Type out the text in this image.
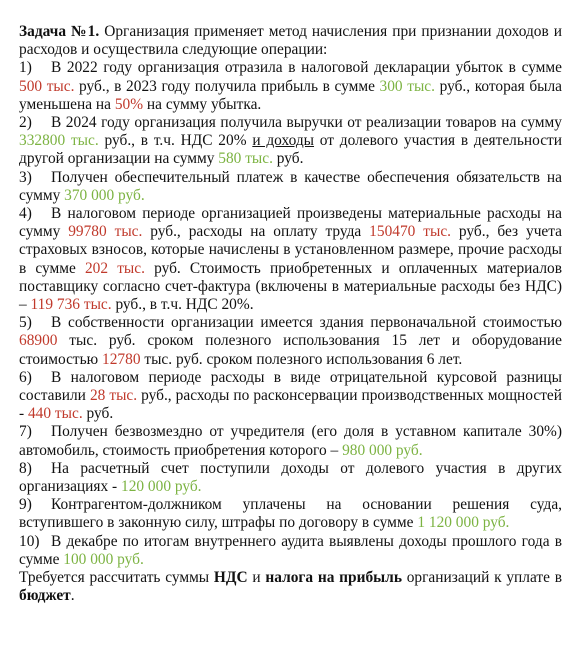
Задача №1. Организация применяет метод начисления при признании доходов и расходов и осуществила следующие операции:

1) В 2022 году организация отразила в налоговой декларации убыток в сумме 500 тыс. руб., в 2023 году получила прибыль в сумме 300 тыс. руб., которая была уменьшена на 50% на сумму убытка.

2) В 2024 году организация получила выручки от реализации товаров на сумму 332800 тыс. руб., в т.ч. НДС 20% и доходы от долевого участия в деятельности другой организации на сумму 580 тыс. руб.

3) Получен обеспечительный платеж в качестве обеспечения обязательств на сумму 370 000 руб.

4) В налоговом периоде организацией произведены материальные расходы на сумму 99780 тыс. руб., расходы на оплату труда 150470 тыс. руб., без учета страховых взносов, которые начислены в установленном размере, прочие расходы в сумме 202 тыс. руб. Стоимость приобретенных и оплаченных материалов поставщику согласно счет-фактура (включены в материальные расходы без НДС) – 119 736 тыс. руб., в т.ч. НДС 20%.

5) В собственности организации имеется здания первоначальной стоимостью 68900 тыс. руб. сроком полезного использования 15 лет и оборудование стоимостью 12780 тыс. руб. сроком полезного использования 6 лет.

6) В налоговом периоде расходы в виде отрицательной курсовой разницы составили 28 тыс. руб., расходы по расконсервации производственных мощностей - 440 тыс. руб.

7) Получен безвозмездно от учредителя (его доля в уставном капитале 30%) автомобиль, стоимость приобретения которого – 980 000 руб.

8) На расчетный счет поступили доходы от долевого участия в других организациях - 120 000 руб.

9) Контрагентом-должником уплачены на основании решения суда, вступившего в законную силу, штрафы по договору в сумме 1 120 000 руб.

10) В декабре по итогам внутреннего аудита выявлены доходы прошлого года в сумме 100 000 руб.

Требуется рассчитать суммы НДС и налога на прибыль организаций к уплате в бюджет.
